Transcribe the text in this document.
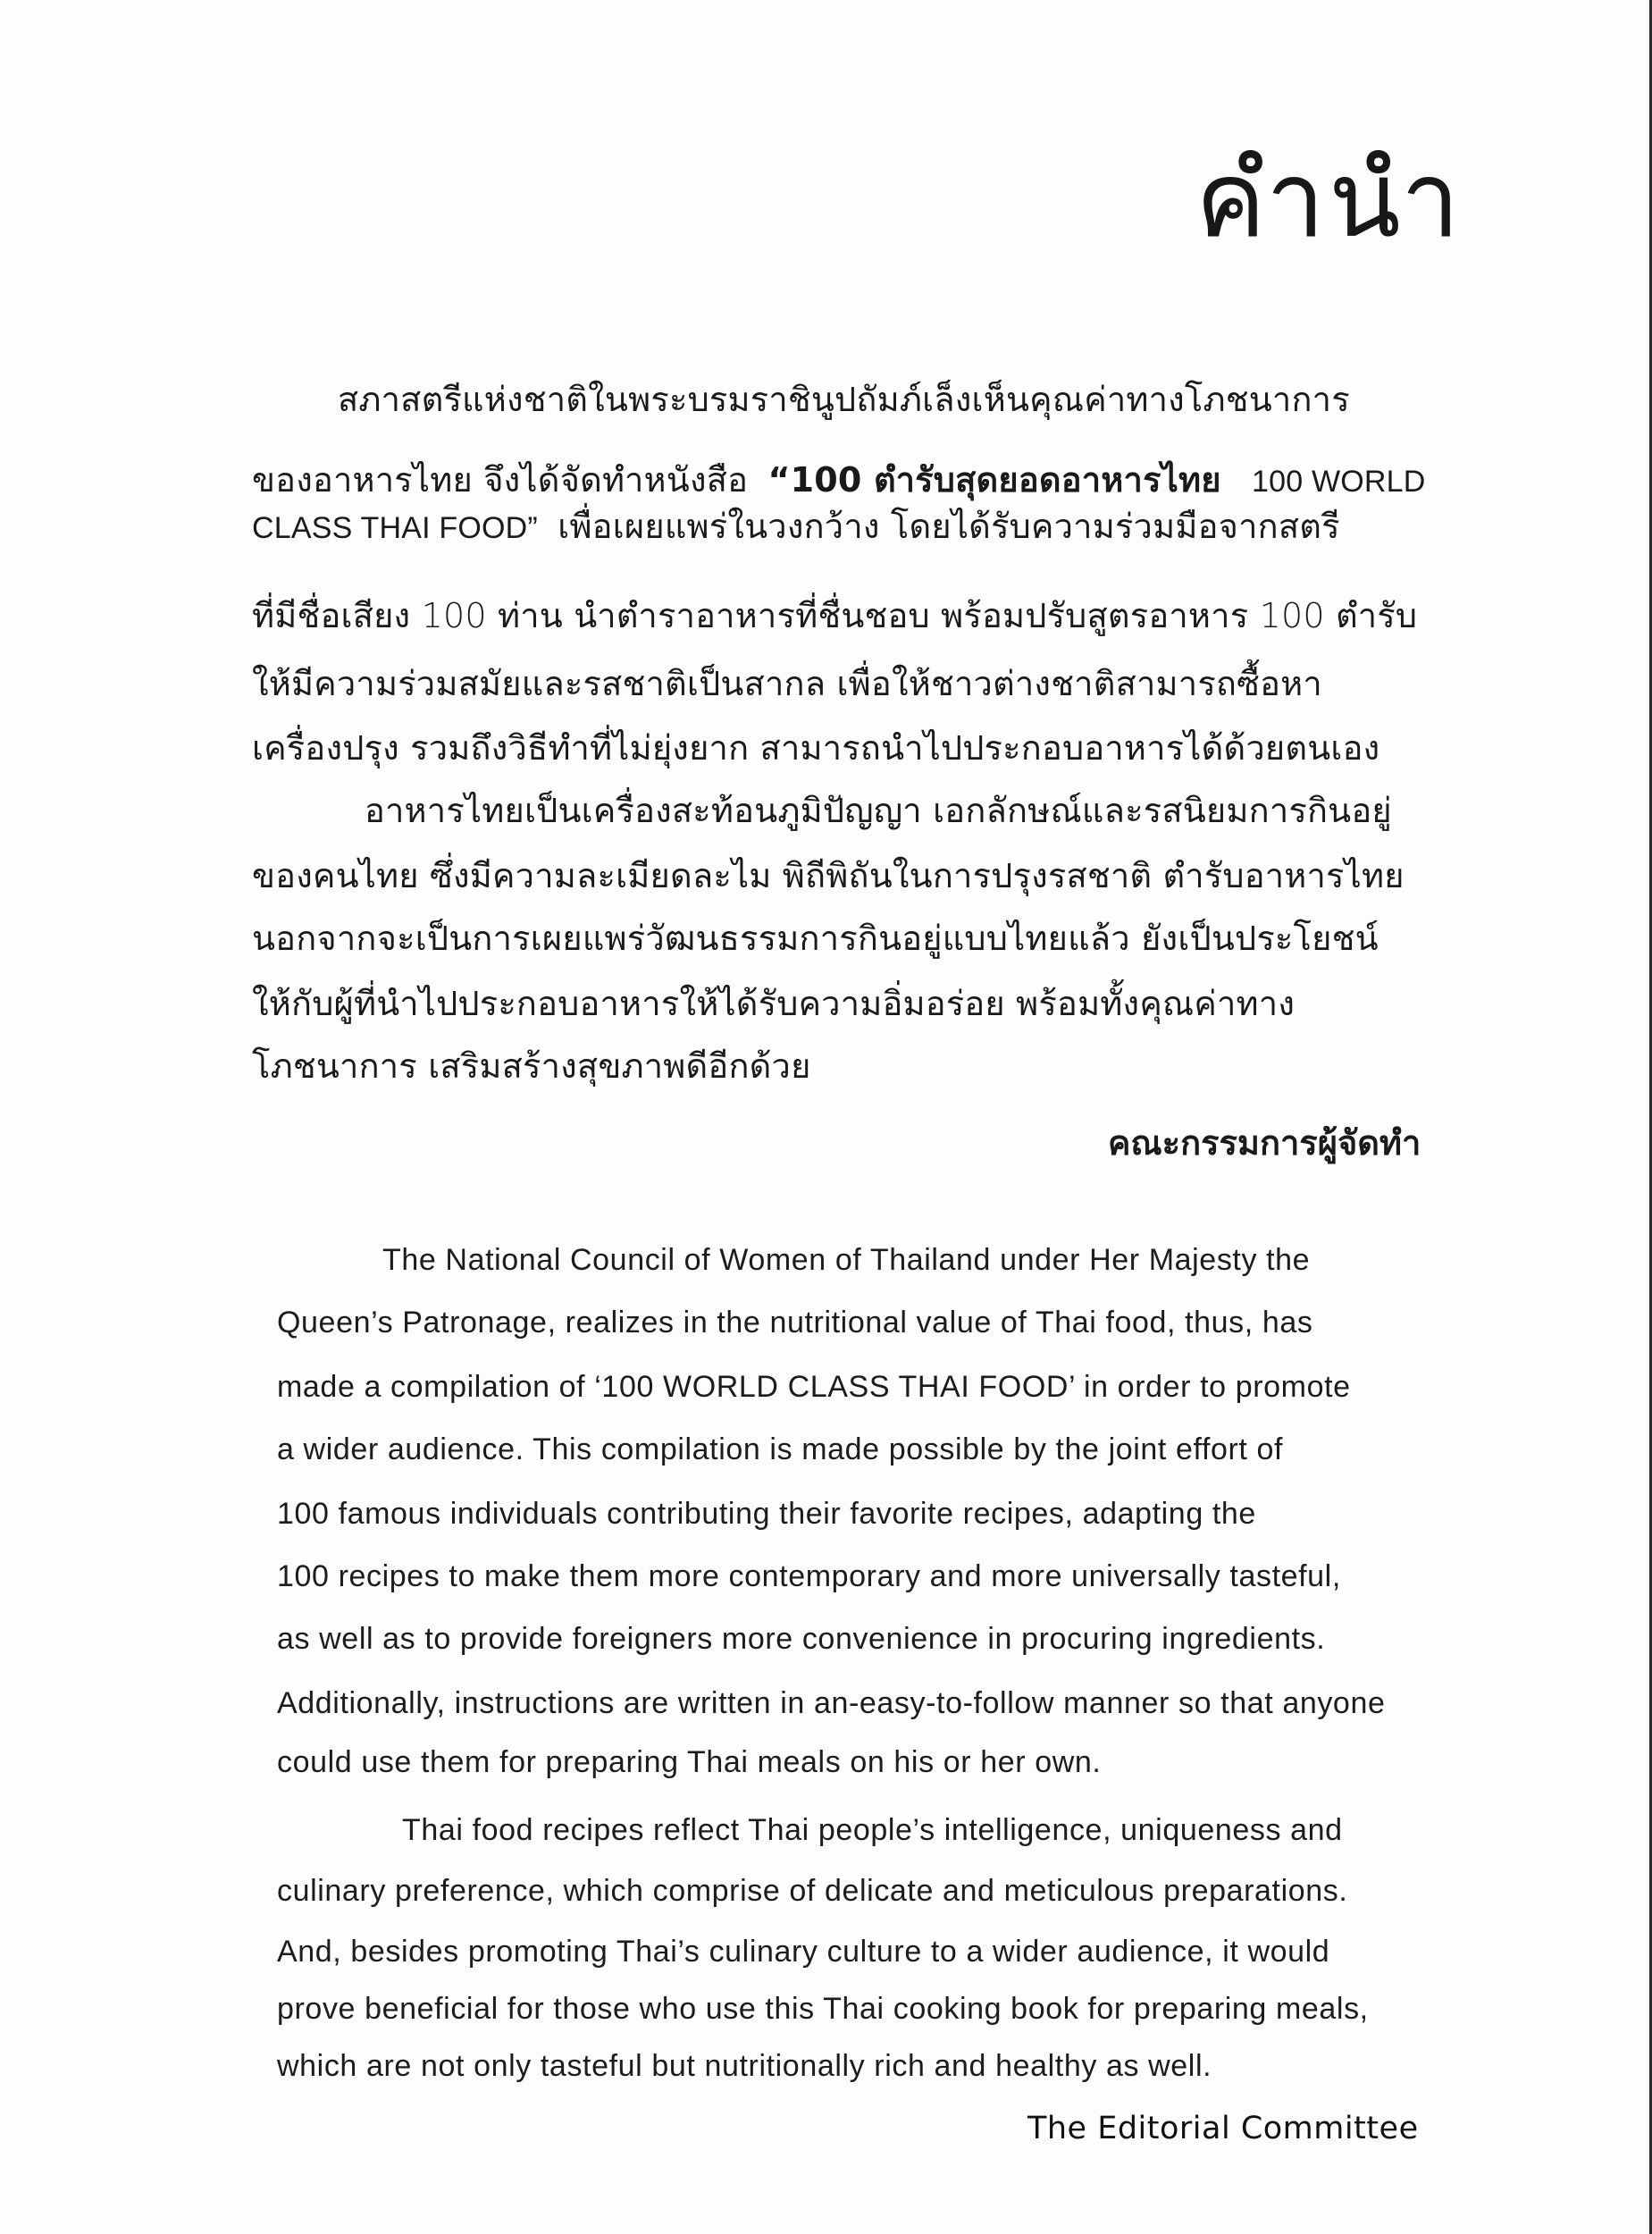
คำนำ
สภาสตรีแห่งชาติในพระบรมราชินูปถัมภ์เล็งเห็นคุณค่าทางโภชนาการ
ของอาหารไทย จึงได้จัดทำหนังสือ “100 ตำรับสุดยอดอาหารไทย 100 WORLD
CLASS THAI FOOD” เพื่อเผยแพร่ในวงกว้าง โดยได้รับความร่วมมือจากสตรี
ที่มีชื่อเสียง 100 ท่าน นำตำราอาหารที่ชื่นชอบ พร้อมปรับสูตรอาหาร 100 ตำรับ
ให้มีความร่วมสมัยและรสชาติเป็นสากล เพื่อให้ชาวต่างชาติสามารถซื้อหา
เครื่องปรุง รวมถึงวิธีทำที่ไม่ยุ่งยาก สามารถนำไปประกอบอาหารได้ด้วยตนเอง
อาหารไทยเป็นเครื่องสะท้อนภูมิปัญญา เอกลักษณ์และรสนิยมการกินอยู่
ของคนไทย ซึ่งมีความละเมียดละไม พิถีพิถันในการปรุงรสชาติ ตำรับอาหารไทย
นอกจากจะเป็นการเผยแพร่วัฒนธรรมการกินอยู่แบบไทยแล้ว ยังเป็นประโยชน์
ให้กับผู้ที่นำไปประกอบอาหารให้ได้รับความอิ่มอร่อย พร้อมทั้งคุณค่าทาง
โภชนาการ เสริมสร้างสุขภาพดีอีกด้วย
คณะกรรมการผู้จัดทำ
The National Council of Women of Thailand under Her Majesty the
Queen’s Patronage, realizes in the nutritional value of Thai food, thus, has
made a compilation of ‘100 WORLD CLASS THAI FOOD’ in order to promote
a wider audience. This compilation is made possible by the joint effort of
100 famous individuals contributing their favorite recipes, adapting the
100 recipes to make them more contemporary and more universally tasteful,
as well as to provide foreigners more convenience in procuring ingredients.
Additionally, instructions are written in an-easy-to-follow manner so that anyone
could use them for preparing Thai meals on his or her own.
Thai food recipes reflect Thai people’s intelligence, uniqueness and
culinary preference, which comprise of delicate and meticulous preparations.
And, besides promoting Thai’s culinary culture to a wider audience, it would
prove beneficial for those who use this Thai cooking book for preparing meals,
which are not only tasteful but nutritionally rich and healthy as well.
The Editorial Committee
